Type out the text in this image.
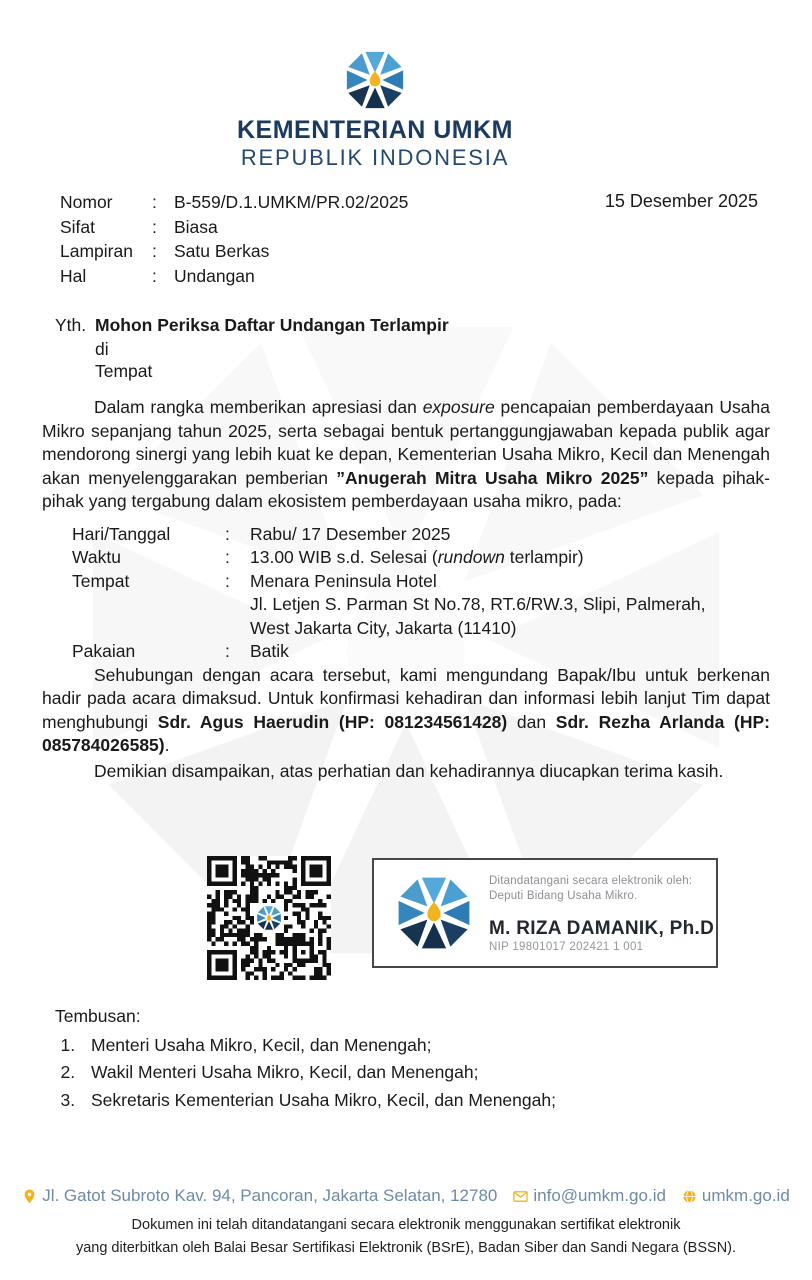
KEMENTERIAN UMKM
REPUBLIK INDONESIA
Nomor	: B-559/D.1.UMKM/PR.02/2025
Sifat	: Biasa
Lampiran	: Satu Berkas
Hal	: Undangan
15 Desember 2025
Yth. Mohon Periksa Daftar Undangan Terlampir
di
Tempat

Dalam rangka memberikan apresiasi dan exposure pencapaian pemberdayaan Usaha Mikro sepanjang tahun 2025, serta sebagai bentuk pertanggungjawaban kepada publik agar mendorong sinergi yang lebih kuat ke depan, Kementerian Usaha Mikro, Kecil dan Menengah akan menyelenggarakan pemberian ”Anugerah Mitra Usaha Mikro 2025” kepada pihak-pihak yang tergabung dalam ekosistem pemberdayaan usaha mikro, pada:

Hari/Tanggal	: Rabu/ 17 Desember 2025
Waktu	: 13.00 WIB s.d. Selesai (rundown terlampir)
Tempat	: Menara Peninsula Hotel
Jl. Letjen S. Parman St No.78, RT.6/RW.3, Slipi, Palmerah,
West Jakarta City, Jakarta (11410)
Pakaian	: Batik

Sehubungan dengan acara tersebut, kami mengundang Bapak/Ibu untuk berkenan hadir pada acara dimaksud. Untuk konfirmasi kehadiran dan informasi lebih lanjut Tim dapat menghubungi Sdr. Agus Haerudin (HP: 081234561428) dan Sdr. Rezha Arlanda (HP: 085784026585).

Demikian disampaikan, atas perhatian dan kehadirannya diucapkan terima kasih.

Ditandatangani secara elektronik oleh:
Deputi Bidang Usaha Mikro.
M. RIZA DAMANIK, Ph.D
NIP 19801017 202421 1 001
Tembusan:
1. Menteri Usaha Mikro, Kecil, dan Menengah;
2. Wakil Menteri Usaha Mikro, Kecil, dan Menengah;
3. Sekretaris Kementerian Usaha Mikro, Kecil, dan Menengah;
Jl. Gatot Subroto Kav. 94, Pancoran, Jakarta Selatan, 12780 info@umkm.go.id umkm.go.id
Dokumen ini telah ditandatangani secara elektronik menggunakan sertifikat elektronik
yang diterbitkan oleh Balai Besar Sertifikasi Elektronik (BSrE), Badan Siber dan Sandi Negara (BSSN).
